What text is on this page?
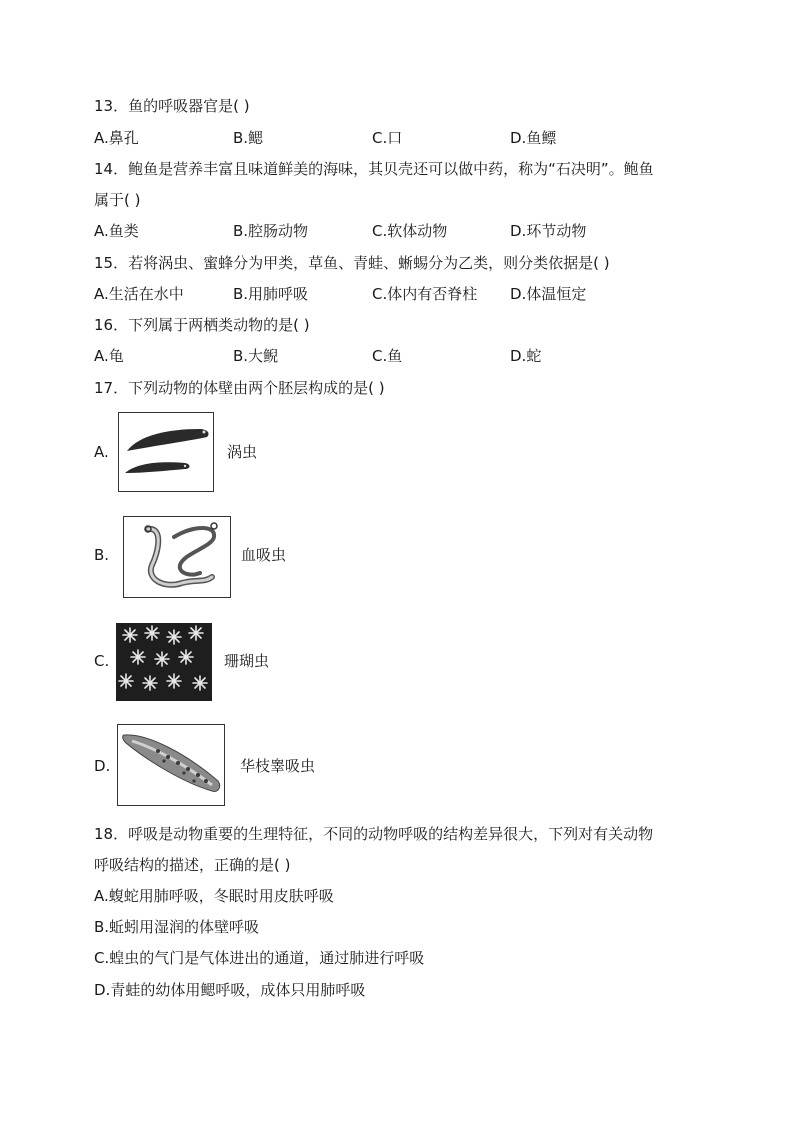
13．鱼的呼吸器官是( )
A.鼻孔	B.鳃	C.口	D.鱼鳔
14．鲍鱼是营养丰富且味道鲜美的海味，其贝壳还可以做中药，称为“石决明”。鲍鱼
属于( )
A.鱼类	B.腔肠动物	C.软体动物	D.环节动物
15．若将涡虫、蜜蜂分为甲类，草鱼、青蛙、蜥蜴分为乙类，则分类依据是( )
A.生活在水中	B.用肺呼吸	C.体内有否脊柱 D.体温恒定
16．下列属于两栖类动物的是( )
A.龟	B.大鲵	C.鱼	D.蛇
17．下列动物的体壁由两个胚层构成的是( )
A.	涡虫
B.	血吸虫
C.	珊瑚虫
D.	华枝睾吸虫
18．呼吸是动物重要的生理特征，不同的动物呼吸的结构差异很大，下列对有关动物
呼吸结构的描述，正确的是( )
A.蝮蛇用肺呼吸，冬眠时用皮肤呼吸
B.蚯蚓用湿润的体壁呼吸
C.蝗虫的气门是气体进出的通道，通过肺进行呼吸
D.青蛙的幼体用鳃呼吸，成体只用肺呼吸
